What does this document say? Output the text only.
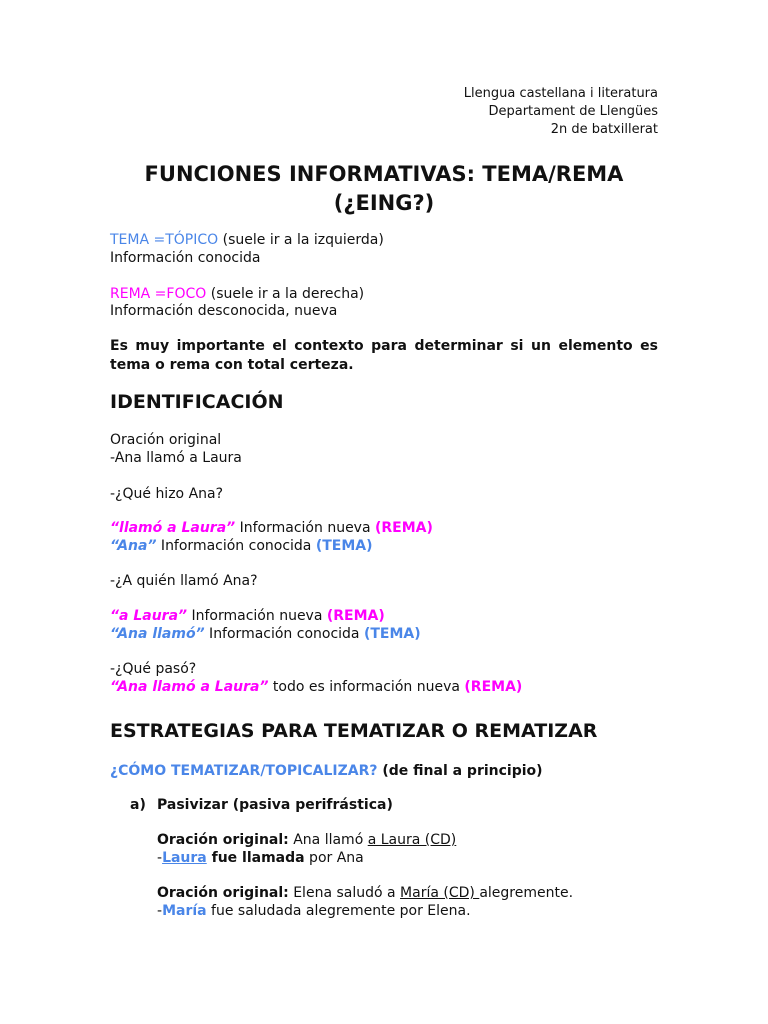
Llengua castellana i literatura
Departament de Llengües
2n de batxillerat
FUNCIONES INFORMATIVAS: TEMA/REMA
(¿EING?)
TEMA =TÓPICO (suele ir a la izquierda)
Información conocida
REMA =FOCO (suele ir a la derecha)
Información desconocida, nueva
Es muy importante el contexto para determinar si un elemento es tema o rema con total certeza.
IDENTIFICACIÓN
Oración original
-Ana llamó a Laura
-¿Qué hizo Ana?
“llamó a Laura” Información nueva (REMA)
“Ana” Información conocida (TEMA)
-¿A quién llamó Ana?
“a Laura” Información nueva (REMA)
“Ana llamó” Información conocida (TEMA)
-¿Qué pasó?
“Ana llamó a Laura” todo es información nueva (REMA)
ESTRATEGIAS PARA TEMATIZAR O REMATIZAR
¿CÓMO TEMATIZAR/TOPICALIZAR? (de final a principio)
a) Pasivizar (pasiva perifrástica)
Oración original: Ana llamó a Laura (CD)
-Laura fue llamada por Ana
Oración original: Elena saludó a María (CD) alegremente.
-María fue saludada alegremente por Elena.
